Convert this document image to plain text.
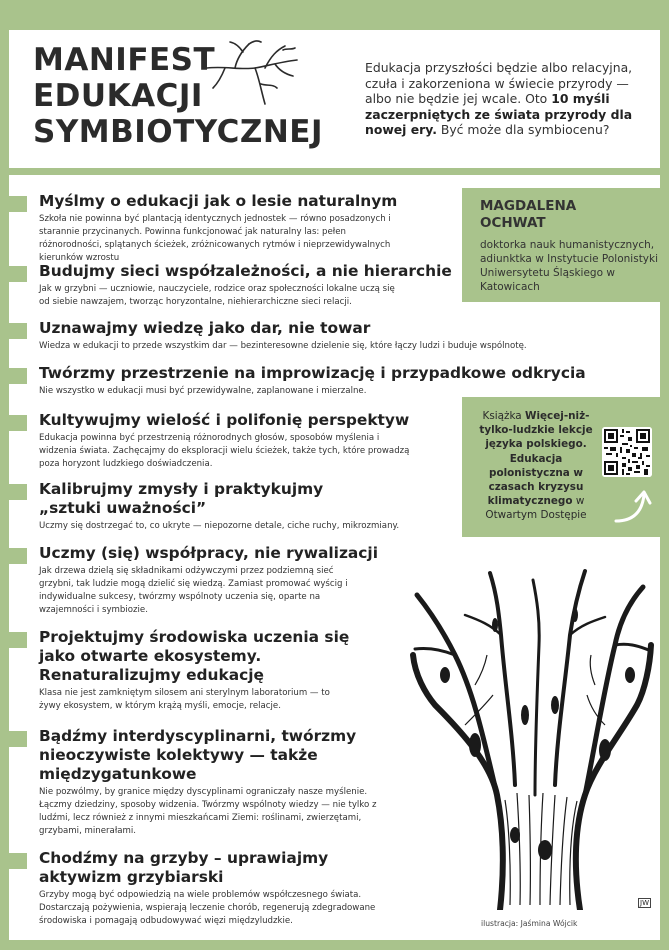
MANIFEST
EDUKACJI
SYMBIOTYCZNEJ
Edukacja przyszłości będzie albo relacyjna, czuła i zakorzeniona w świecie przyrody — albo nie będzie jej wcale. Oto 10 myśli zaczerpniętych ze świata przyrody dla nowej ery. Być może dla symbiocenu?
Myślmy o edukacji jak o lesie naturalnym
Szkoła nie powinna być plantacją identycznych jednostek — równo posadzonych i starannie przycinanych. Powinna funkcjonować jak naturalny las: pełen różnorodności, splątanych ścieżek, zróżnicowanych rytmów i nieprzewidywalnych kierunków wzrostu
Budujmy sieci współzależności, a nie hierarchie
Jak w grzybni — uczniowie, nauczyciele, rodzice oraz społeczności lokalne uczą się od siebie nawzajem, tworząc horyzontalne, niehierarchiczne sieci relacji.
Uznawajmy wiedzę jako dar, nie towar
Wiedza w edukacji to przede wszystkim dar — bezinteresowne dzielenie się, które łączy ludzi i buduje wspólnotę.
Twórzmy przestrzenie na improwizację i przypadkowe odkrycia
Nie wszystko w edukacji musi być przewidywalne, zaplanowane i mierzalne.
Kultywujmy wielość i polifonię perspektyw
Edukacja powinna być przestrzenią różnorodnych głosów, sposobów myślenia i widzenia świata. Zachęcajmy do eksploracji wielu ścieżek, także tych, które prowadzą poza horyzont ludzkiego doświadczenia.
Kalibrujmy zmysły i praktykujmy „sztuki uważności”
Uczmy się dostrzegać to, co ukryte — niepozorne detale, ciche ruchy, mikrozmiany.
Uczmy (się) współpracy, nie rywalizacji
Jak drzewa dzielą się składnikami odżywczymi przez podziemną sieć grzybni, tak ludzie mogą dzielić się wiedzą. Zamiast promować wyścig i indywidualne sukcesy, twórzmy wspólnoty uczenia się, oparte na wzajemności i symbiozie.
Projektujmy środowiska uczenia się jako otwarte ekosystemy. Renaturalizujmy edukację
Klasa nie jest zamkniętym silosem ani sterylnym laboratorium — to żywy ekosystem, w którym krążą myśli, emocje, relacje.
Bądźmy interdyscyplinarni, twórzmy nieoczywiste kolektywy — także międzygatunkowe
Nie pozwólmy, by granice między dyscyplinami ograniczały nasze myślenie. Łączmy dziedziny, sposoby widzenia. Twórzmy wspólnoty wiedzy — nie tylko z ludźmi, lecz również z innymi mieszkańcami Ziemi: roślinami, zwierzętami, grzybami, minerałami.
Chodźmy na grzyby – uprawiajmy aktywizm grzybiarski
Grzyby mogą być odpowiedzią na wiele problemów współczesnego świata. Dostarczają pożywienia, wspierają leczenie chorób, regenerują zdegradowane środowiska i pomagają odbudowywać więzi międzyludzkie.
MAGDALENA
OCHWAT
doktorka nauk humanistycznych, adiunktka w Instytucie Polonistyki Uniwersytetu Śląskiego w Katowicach
Książka Więcej-niż-tylko-ludzkie lekcje języka polskiego. Edukacja polonistyczna w czasach kryzysu klimatycznego w Otwartym Dostępie
JW
ilustracja: Jaśmina Wójcik
